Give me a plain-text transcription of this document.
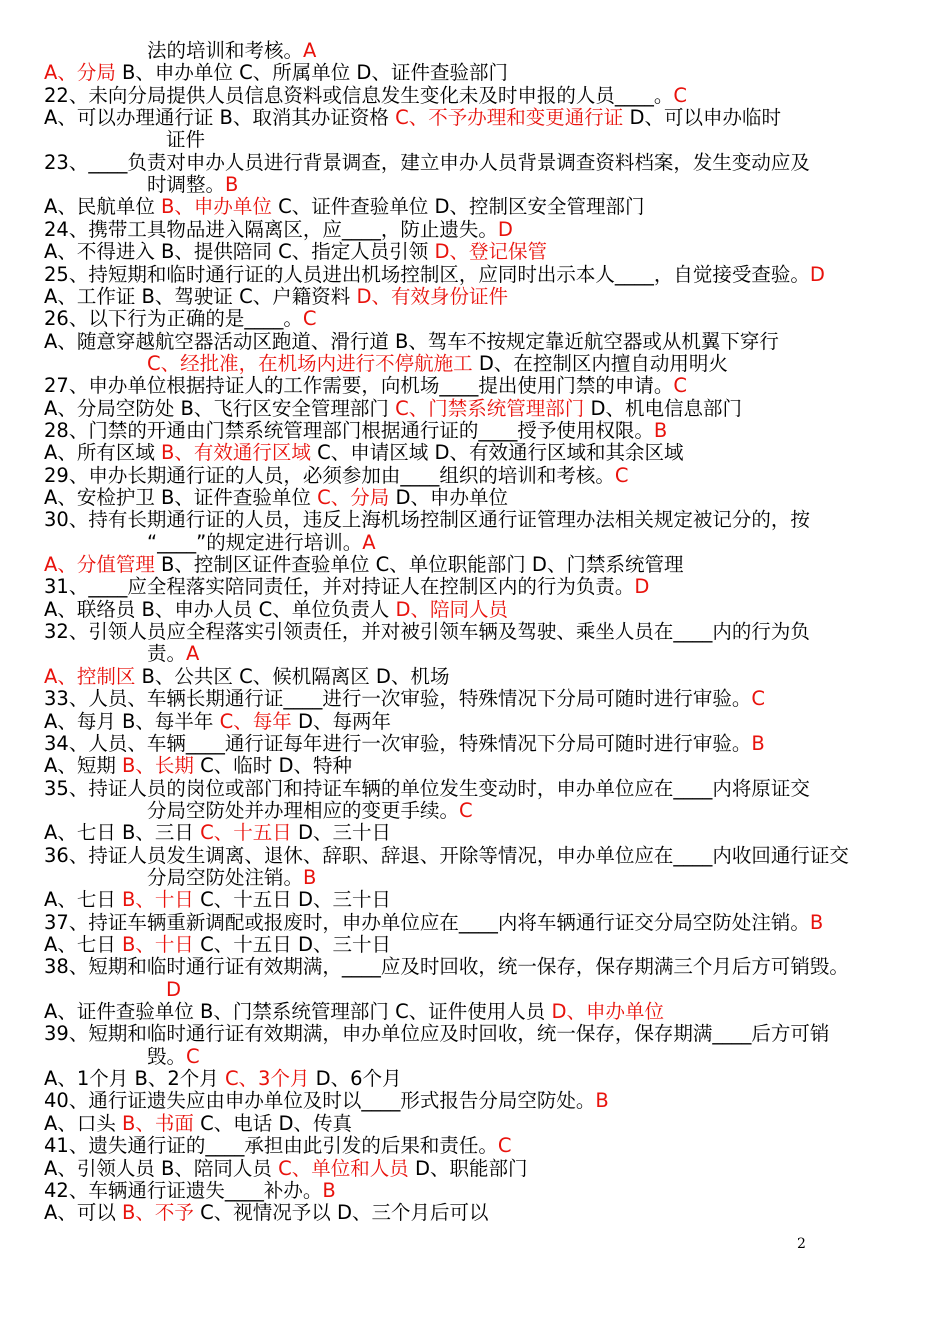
法的培训和考核。A
A、分局 B、申办单位 C、所属单位 D、证件查验部门
22、未向分局提供人员信息资料或信息发生变化未及时申报的人员____。C
A、可以办理通行证 B、取消其办证资格 C、不予办理和变更通行证 D、可以申办临时
证件
23、____负责对申办人员进行背景调查，建立申办人员背景调查资料档案，发生变动应及
时调整。B
A、民航单位 B、申办单位 C、证件查验单位 D、控制区安全管理部门
24、携带工具物品进入隔离区，应____，防止遗失。D
A、不得进入 B、提供陪同 C、指定人员引领 D、登记保管
25、持短期和临时通行证的人员进出机场控制区，应同时出示本人____，自觉接受查验。D
A、工作证 B、驾驶证 C、户籍资料 D、有效身份证件
26、以下行为正确的是____。C
A、随意穿越航空器活动区跑道、滑行道 B、驾车不按规定靠近航空器或从机翼下穿行
C、经批准，在机场内进行不停航施工 D、在控制区内擅自动用明火
27、申办单位根据持证人的工作需要，向机场____提出使用门禁的申请。C
A、分局空防处 B、飞行区安全管理部门 C、门禁系统管理部门 D、机电信息部门
28、门禁的开通由门禁系统管理部门根据通行证的____授予使用权限。B
A、所有区域 B、有效通行区域 C、申请区域 D、有效通行区域和其余区域
29、申办长期通行证的人员，必须参加由____组织的培训和考核。C
A、安检护卫 B、证件查验单位 C、分局 D、申办单位
30、持有长期通行证的人员，违反上海机场控制区通行证管理办法相关规定被记分的，按
“____”的规定进行培训。A
A、分值管理 B、控制区证件查验单位 C、单位职能部门 D、门禁系统管理
31、____应全程落实陪同责任，并对持证人在控制区内的行为负责。D
A、联络员 B、申办人员 C、单位负责人 D、陪同人员
32、引领人员应全程落实引领责任，并对被引领车辆及驾驶、乘坐人员在____内的行为负
责。A
A、控制区 B、公共区 C、候机隔离区 D、机场
33、人员、车辆长期通行证____进行一次审验，特殊情况下分局可随时进行审验。C
A、每月 B、每半年 C、每年 D、每两年
34、人员、车辆____通行证每年进行一次审验，特殊情况下分局可随时进行审验。B
A、短期 B、长期 C、临时 D、特种
35、持证人员的岗位或部门和持证车辆的单位发生变动时，申办单位应在____内将原证交
分局空防处并办理相应的变更手续。C
A、七日 B、三日 C、十五日 D、三十日
36、持证人员发生调离、退休、辞职、辞退、开除等情况，申办单位应在____内收回通行证交
分局空防处注销。B
A、七日 B、十日 C、十五日 D、三十日
37、持证车辆重新调配或报废时，申办单位应在____内将车辆通行证交分局空防处注销。B
A、七日 B、十日 C、十五日 D、三十日
38、短期和临时通行证有效期满，____应及时回收，统一保存，保存期满三个月后方可销毁。
D
A、证件查验单位 B、门禁系统管理部门 C、证件使用人员 D、申办单位
39、短期和临时通行证有效期满，申办单位应及时回收，统一保存，保存期满____后方可销
毁。C
A、1个月 B、2个月 C、3个月 D、6个月
40、通行证遗失应由申办单位及时以____形式报告分局空防处。B
A、口头 B、书面 C、电话 D、传真
41、遗失通行证的____承担由此引发的后果和责任。C
A、引领人员 B、陪同人员 C、单位和人员 D、职能部门
42、车辆通行证遗失____补办。B
A、可以 B、不予 C、视情况予以 D、三个月后可以
2
